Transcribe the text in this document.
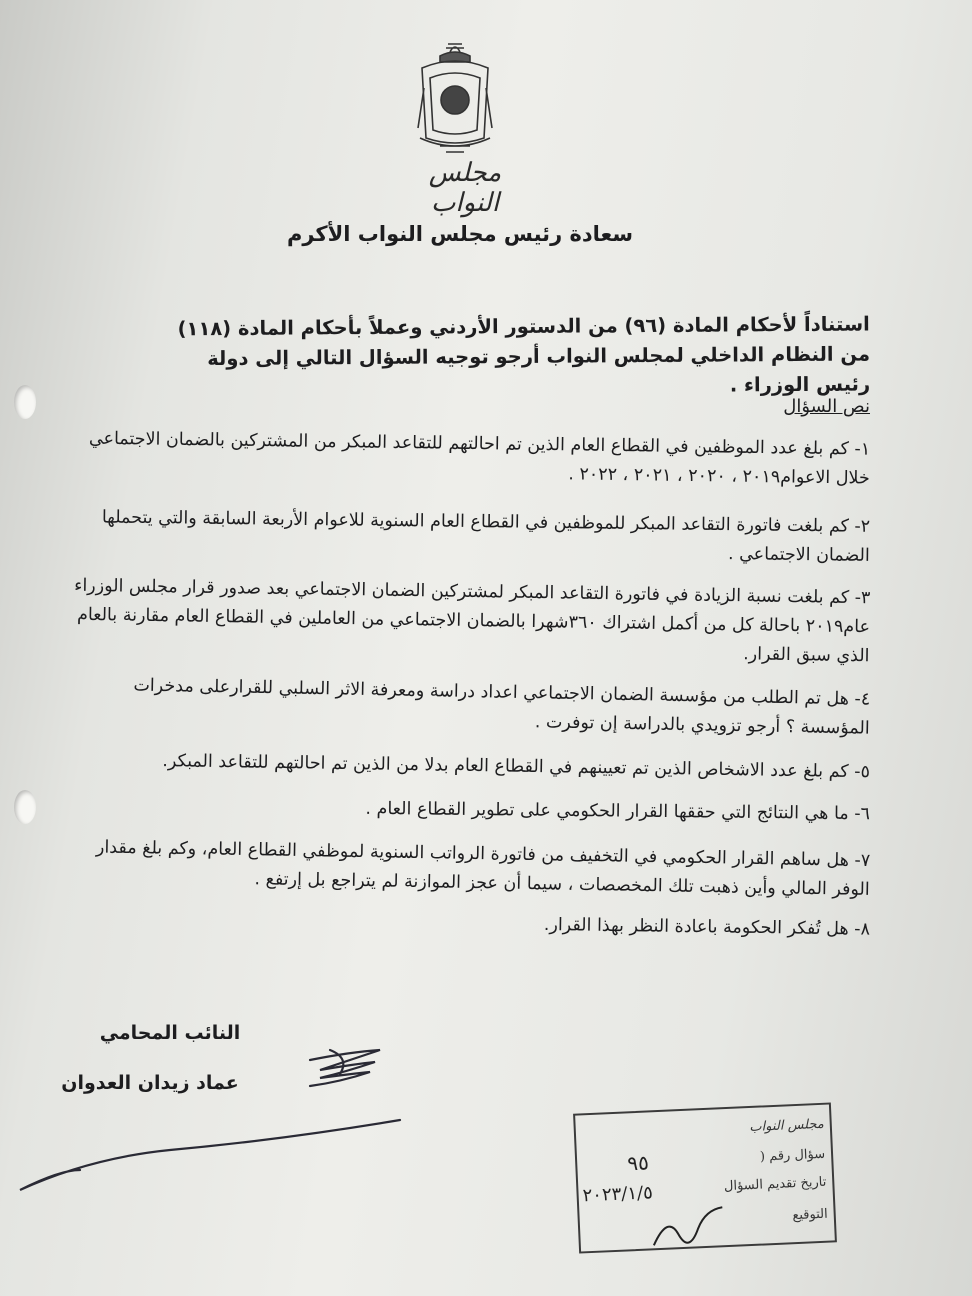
مجلس النواب
سعادة رئيس مجلس النواب الأكرم
استناداً لأحكام المادة (٩٦) من الدستور الأردني وعملاً بأحكام المادة (١١٨) من النظام الداخلي لمجلس النواب أرجو توجيه السؤال التالي إلى دولة رئيس الوزراء .
نص السؤال
١- كم بلغ عدد الموظفين في القطاع العام الذين تم احالتهم للتقاعد المبكر من المشتركين بالضمان الاجتماعي خلال الاعوام٢٠١٩ ، ٢٠٢٠ ، ٢٠٢١ ، ٢٠٢٢ .
٢- كم بلغت فاتورة التقاعد المبكر للموظفين في القطاع العام السنوية للاعوام الأربعة السابقة والتي يتحملها الضمان الاجتماعي .
٣- كم بلغت نسبة الزيادة في فاتورة التقاعد المبكر لمشتركين الضمان الاجتماعي بعد صدور قرار مجلس الوزراء عام٢٠١٩ باحالة كل من أكمل اشتراك ٣٦٠شهرا بالضمان الاجتماعي من العاملين في القطاع العام مقارنة بالعام الذي سبق القرار.
٤- هل تم الطلب من مؤسسة الضمان الاجتماعي اعداد دراسة ومعرفة الاثر السلبي للقرارعلى مدخرات المؤسسة ؟ أرجو تزويدي بالدراسة إن توفرت .
٥- كم بلغ عدد الاشخاص الذين تم تعيينهم في القطاع العام بدلا من الذين تم احالتهم للتقاعد المبكر.
٦- ما هي النتائج التي حققها القرار الحكومي على تطوير القطاع العام .
٧- هل ساهم القرار الحكومي في التخفيف من فاتورة الرواتب السنوية لموظفي القطاع العام، وكم بلغ مقدار الوفر المالي وأين ذهبت تلك المخصصات ، سيما أن عجز الموازنة لم يتراجع بل إرتفع .
٨- هل تُفكر الحكومة باعادة النظر بهذا القرار.
النائب المحامي
عماد زيدان العدوان
مجلس النواب
سؤال رقم (
٩٥
تاريخ تقديم السؤال
٢٠٢٣/١/٥
التوقيع
